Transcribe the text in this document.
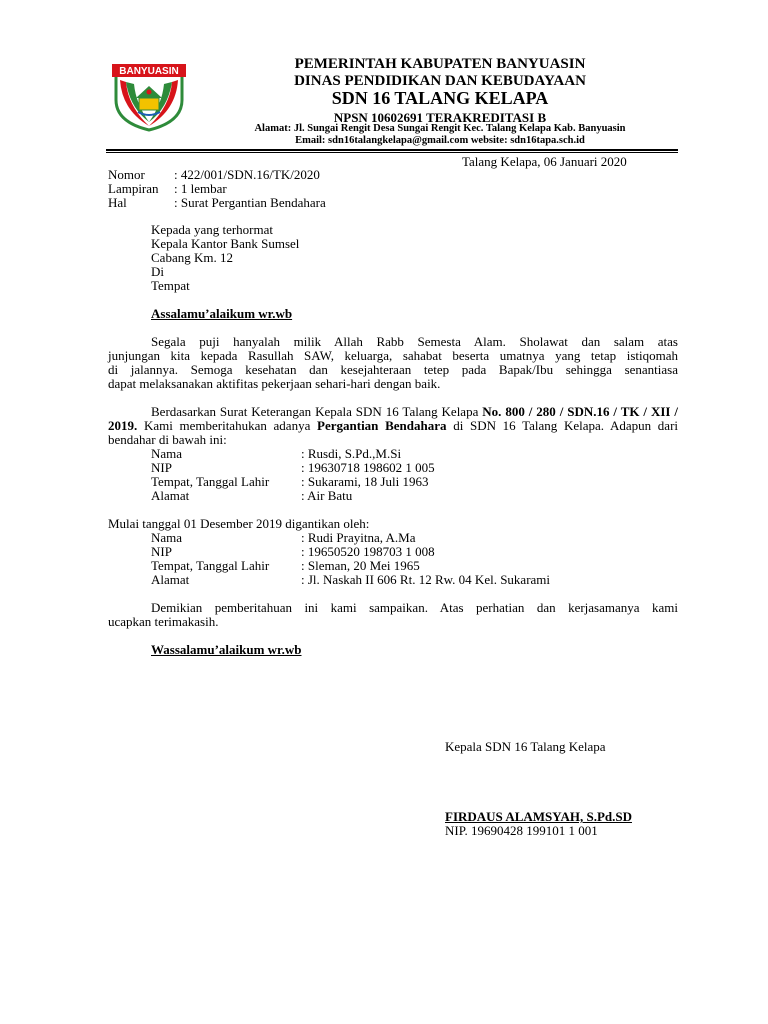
BANYUASIN	PEMERINTAH KABUPATEN BANYUASIN
DINAS PENDIDIKAN DAN KEBUDAYAAN
SDN 16 TALANG KELAPA
NPSN 10602691 TERAKREDITASI B
Alamat: Jl. Sungai Rengit Desa Sungai Rengit Kec. Talang Kelapa Kab. Banyuasin
Email: sdn16talangkelapa@gmail.com website: sdn16tapa.sch.id
Talang Kelapa, 06 Januari 2020
Nomor : 422/001/SDN.16/TK/2020
Lampiran : 1 lembar
Hal	: Surat Pergantian Bendahara
Kepada yang terhormat
Kepala Kantor Bank Sumsel
Cabang Km. 12
Di
Tempat
Assalamu’alaikum wr.wb
Segala puji hanyalah milik Allah Rabb Semesta Alam. Sholawat dan salam atas
junjungan kita kepada Rasullah SAW, keluarga, sahabat beserta umatnya yang tetap istiqomah
di jalannya. Semoga kesehatan dan kesejahteraan tetep pada Bapak/Ibu sehingga senantiasa
dapat melaksanakan aktifitas pekerjaan sehari-hari dengan baik.
Berdasarkan Surat Keterangan Kepala SDN 16 Talang Kelapa No. 800 / 280 / SDN.16 / TK / XII / 2019. Kami memberitahukan adanya Pergantian Bendahara di SDN 16 Talang Kelapa. Adapun dari bendahar di bawah ini:
Nama	: Rusdi, S.Pd.,M.Si
NIP	: 19630718 198602 1 005
Tempat, Tanggal Lahir : Sukarami, 18 Juli 1963
Alamat	: Air Batu
Mulai tanggal 01 Desember 2019 digantikan oleh:
Nama	: Rudi Prayitna, A.Ma
NIP	: 19650520 198703 1 008
Tempat, Tanggal Lahir : Sleman, 20 Mei 1965
Alamat	: Jl. Naskah II 606 Rt. 12 Rw. 04 Kel. Sukarami
Demikian pemberitahuan ini kami sampaikan. Atas perhatian dan kerjasamanya kami
ucapkan terimakasih.
Wassalamu’alaikum wr.wb
Kepala SDN 16 Talang Kelapa
FIRDAUS ALAMSYAH, S.Pd.SD
NIP. 19690428 199101 1 001
